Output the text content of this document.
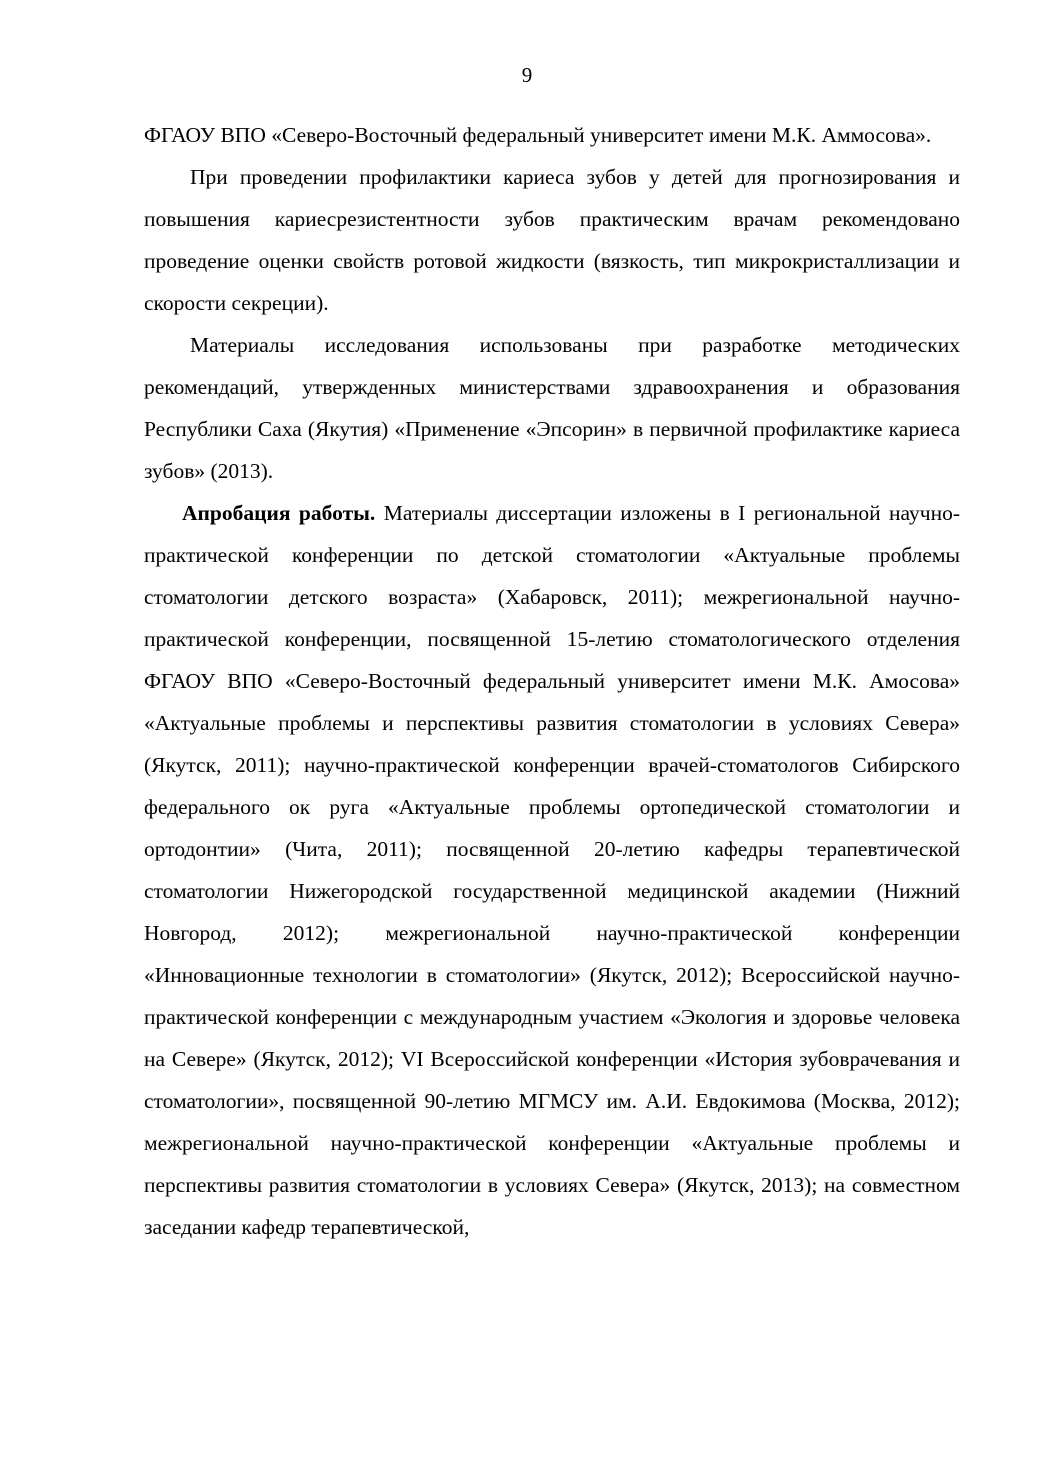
9

ФГАОУ ВПО «Северо-Восточный федеральный университет имени М.К. Аммосова».

При проведении профилактики кариеса зубов у детей для прогнозирования и повышения кариесрезистентности зубов практическим врачам рекомендовано проведение оценки свойств ротовой жидкости (вязкость, тип микрокристаллизации и скорости секреции).

Материалы исследования использованы при разработке методических рекомендаций, утвержденных министерствами здравоохранения и образования Республики Саха (Якутия) «Применение «Эпсорин» в первичной профилактике кариеса зубов» (2013).

Апробация работы. Материалы диссертации изложены в I региональной научно-практической конференции по детской стоматологии «Актуальные проблемы стоматологии детского возраста» (Хабаровск, 2011); межрегиональной научно-практической конференции, посвященной 15-летию стоматологического отделения ФГАОУ ВПО «Северо-Восточный федеральный университет имени М.К. Амосова» «Актуальные проблемы и перспективы развития стоматологии в условиях Севера» (Якутск, 2011); научно-практической конференции врачей-стоматологов Сибирского федерального ок руга «Актуальные проблемы ортопедической стоматологии и ортодонтии» (Чита, 2011); посвященной 20-летию кафедры терапевтической стоматологии Нижегородской государственной медицинской академии (Нижний Новгород, 2012); межрегиональной научно-практической конференции «Инновационные технологии в стоматологии» (Якутск, 2012); Всероссийской научно-практической конференции с международным участием «Экология и здоровье человека на Севере» (Якутск, 2012); VI Всероссийской конференции «История зубоврачевания и стоматологии», посвященной 90-летию МГМСУ им. А.И. Евдокимова (Москва, 2012); межрегиональной научно-практической конференции «Актуальные проблемы и перспективы развития стоматологии в условиях Севера» (Якутск, 2013); на совместном заседании кафедр терапевтической,
